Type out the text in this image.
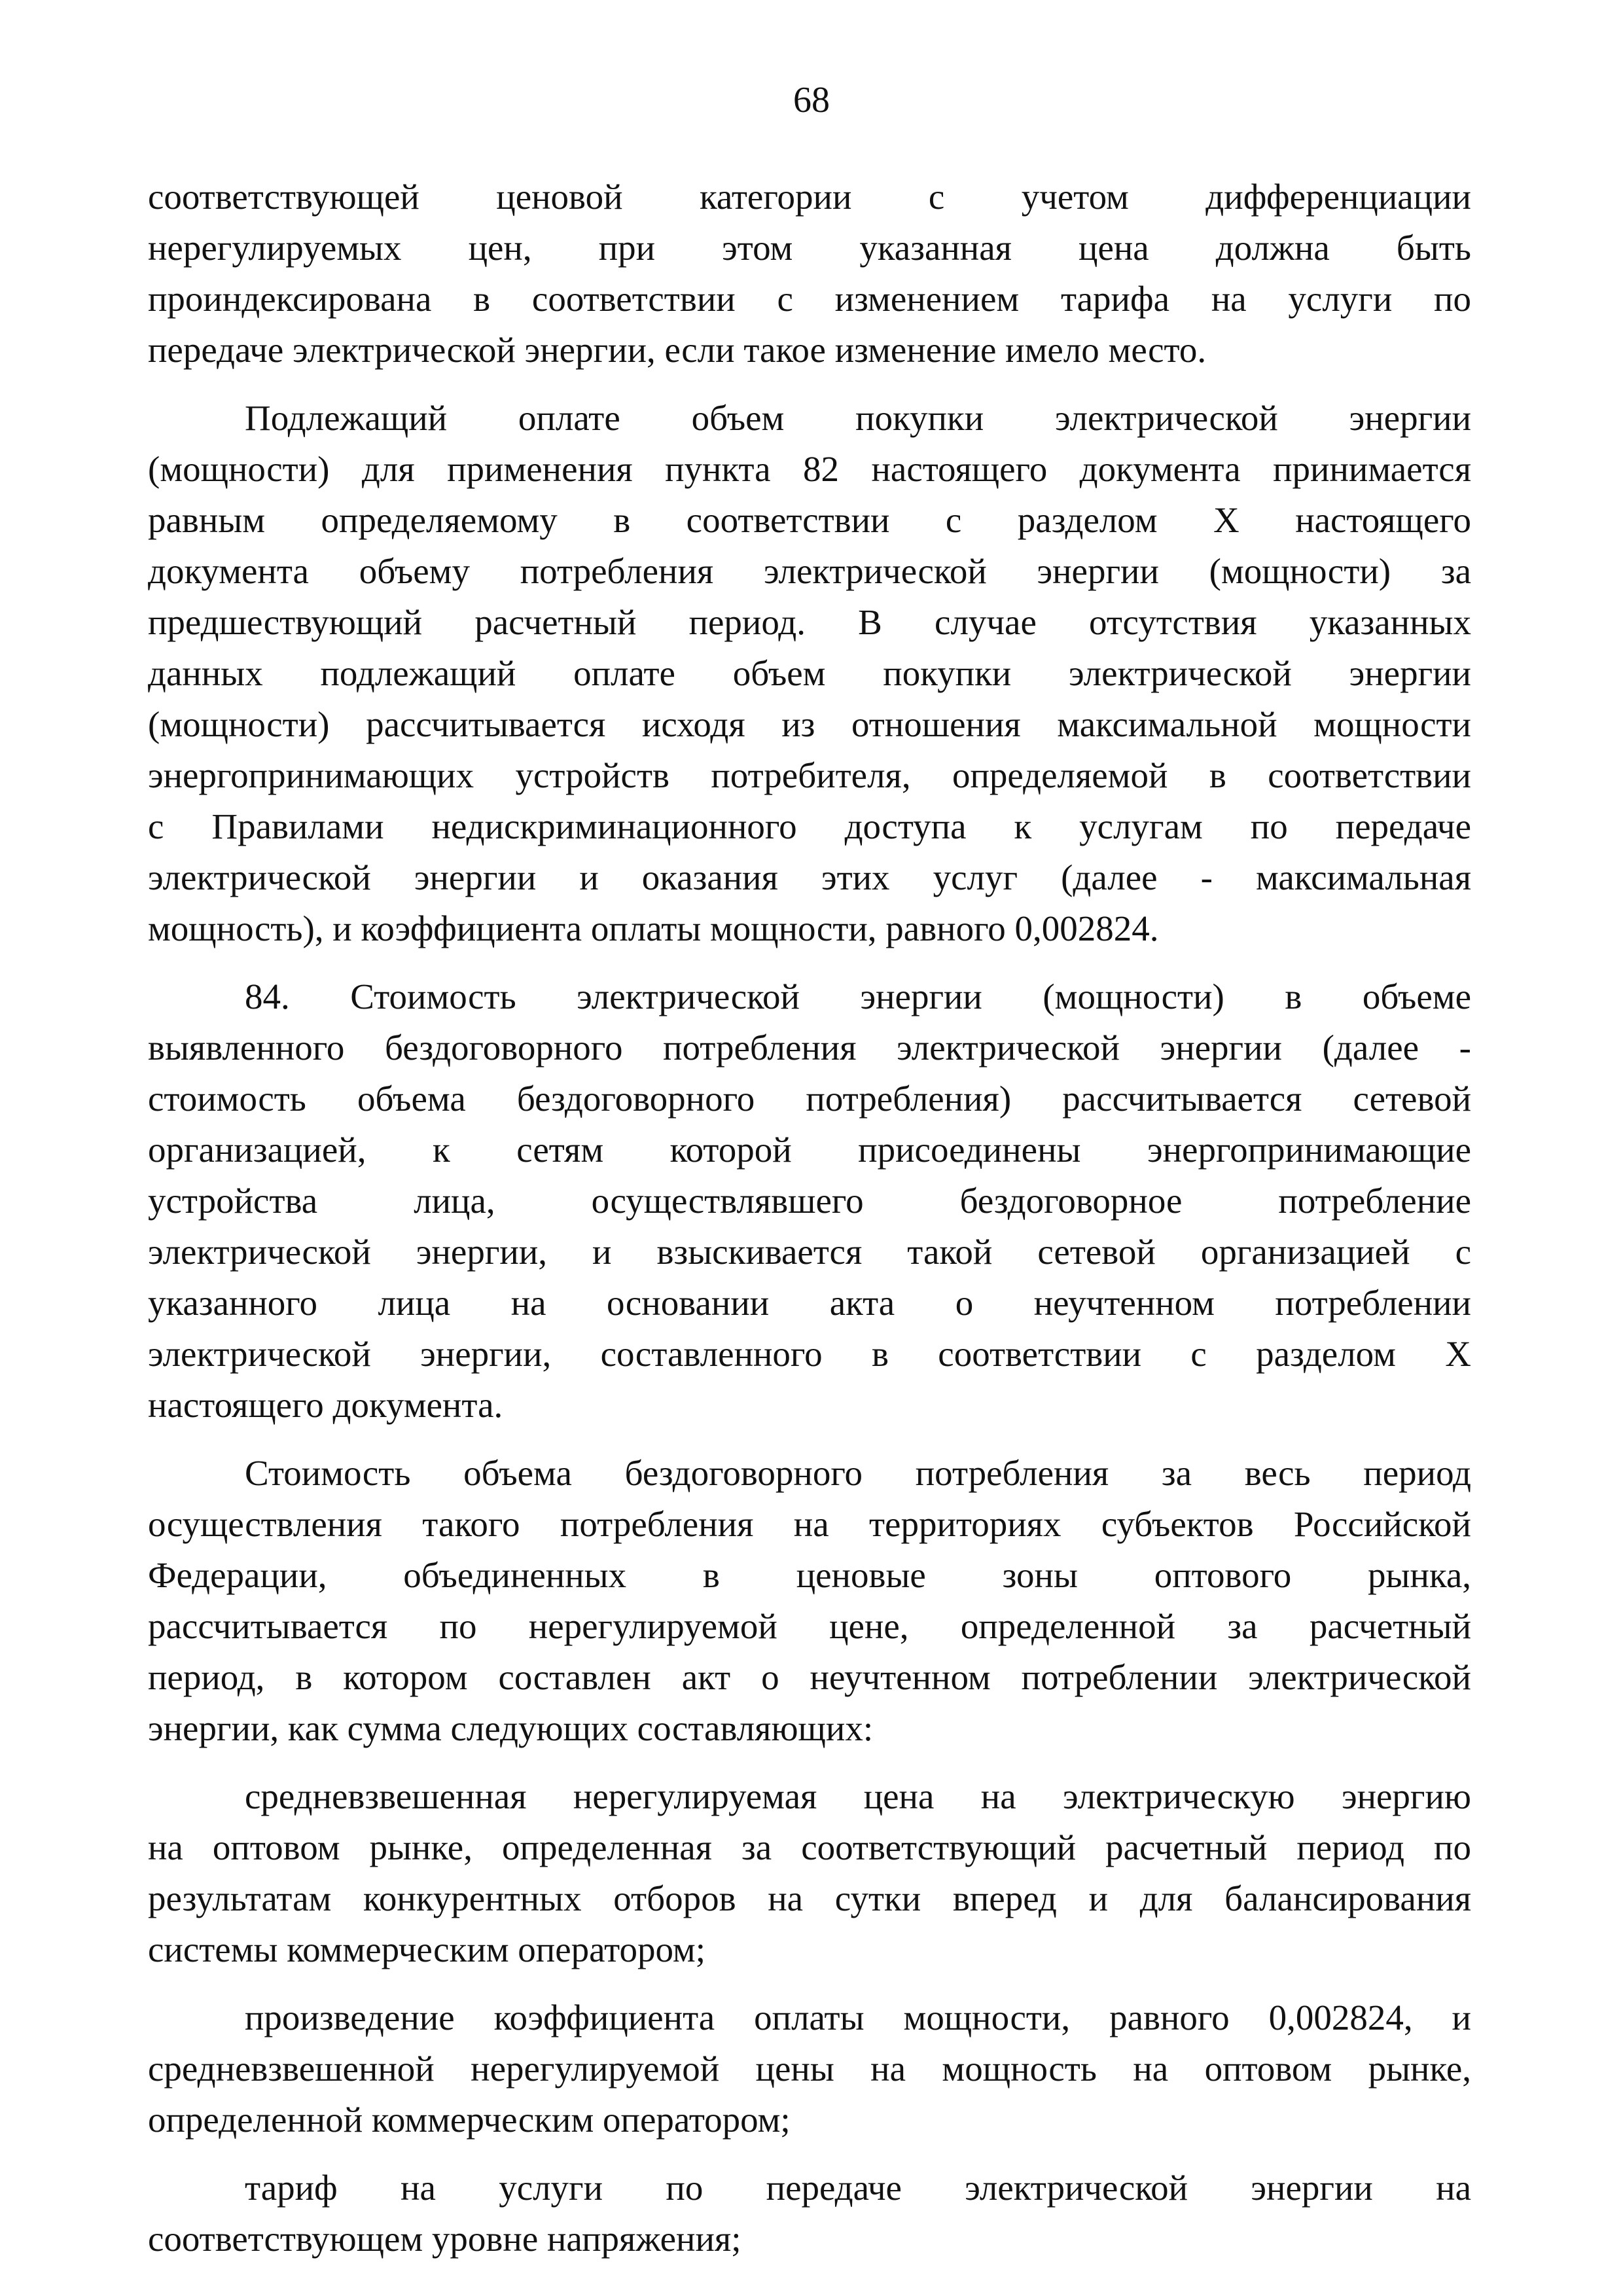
68
соответствующей ценовой категории с учетом дифференциации
нерегулируемых цен, при этом указанная цена должна быть
проиндексирована в соответствии с изменением тарифа на услуги по
передаче электрической энергии, если такое изменение имело место.
Подлежащий оплате объем покупки электрической энергии
(мощности) для применения пункта 82 настоящего документа принимается
равным определяемому в соответствии с разделом X настоящего
документа объему потребления электрической энергии (мощности) за
предшествующий расчетный период. В случае отсутствия указанных
данных подлежащий оплате объем покупки электрической энергии
(мощности) рассчитывается исходя из отношения максимальной мощности
энергопринимающих устройств потребителя, определяемой в соответствии
с Правилами недискриминационного доступа к услугам по передаче
электрической энергии и оказания этих услуг (далее - максимальная
мощность), и коэффициента оплаты мощности, равного 0,002824.
84. Стоимость электрической энергии (мощности) в объеме
выявленного бездоговорного потребления электрической энергии (далее -
стоимость объема бездоговорного потребления) рассчитывается сетевой
организацией, к сетям которой присоединены энергопринимающие
устройства лица, осуществлявшего бездоговорное потребление
электрической энергии, и взыскивается такой сетевой организацией с
указанного лица на основании акта о неучтенном потреблении
электрической энергии, составленного в соответствии с разделом X
настоящего документа.
Стоимость объема бездоговорного потребления за весь период
осуществления такого потребления на территориях субъектов Российской
Федерации, объединенных в ценовые зоны оптового рынка,
рассчитывается по нерегулируемой цене, определенной за расчетный
период, в котором составлен акт о неучтенном потреблении электрической
энергии, как сумма следующих составляющих:
средневзвешенная нерегулируемая цена на электрическую энергию
на оптовом рынке, определенная за соответствующий расчетный период по
результатам конкурентных отборов на сутки вперед и для балансирования
системы коммерческим оператором;
произведение коэффициента оплаты мощности, равного 0,002824, и
средневзвешенной нерегулируемой цены на мощность на оптовом рынке,
определенной коммерческим оператором;
тариф на услуги по передаче электрической энергии на
соответствующем уровне напряжения;
